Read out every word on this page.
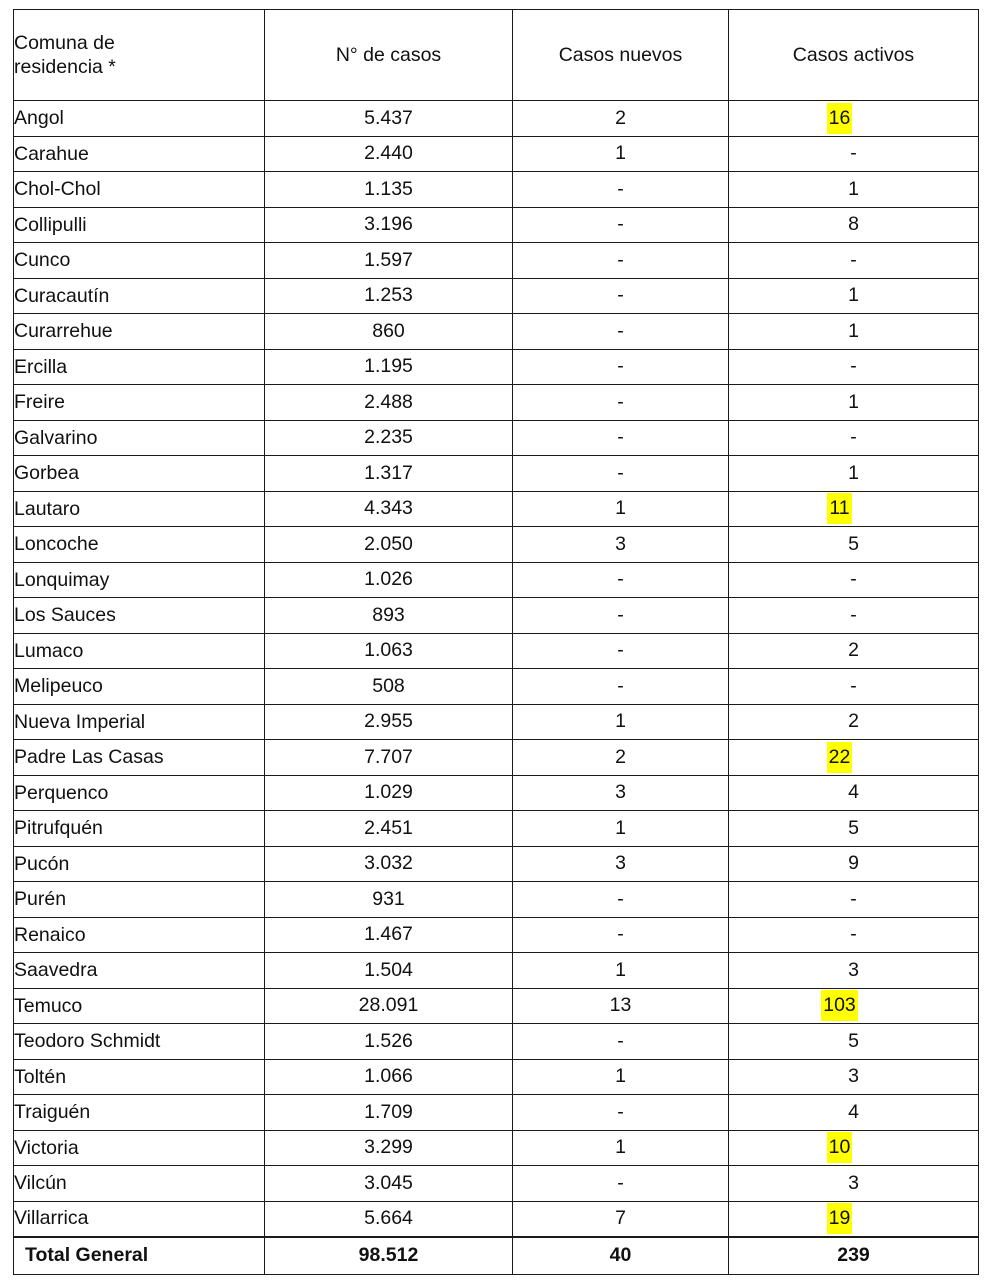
Comuna de
residencia *	N° de casos	Casos nuevos	Casos activos
Angol	5.437	2	16
Carahue	2.440	1	-
Chol-Chol	1.135	-	1
Collipulli	3.196	-	8
Cunco	1.597	-	-
Curacautín	1.253	-	1
Curarrehue	860	-	1
Ercilla	1.195	-	-
Freire	2.488	-	1
Galvarino	2.235	-	-
Gorbea	1.317	-	1
Lautaro	4.343	1	11
Loncoche	2.050	3	5
Lonquimay	1.026	-	-
Los Sauces	893	-	-
Lumaco	1.063	-	2
Melipeuco	508	-	-
Nueva Imperial	2.955	1	2
Padre Las Casas	7.707	2	22
Perquenco	1.029	3	4
Pitrufquén	2.451	1	5
Pucón	3.032	3	9
Purén	931	-	-
Renaico	1.467	-	-
Saavedra	1.504	1	3
Temuco	28.091	13	103
Teodoro Schmidt	1.526	-	5
Toltén	1.066	1	3
Traiguén	1.709	-	4
Victoria	3.299	1	10
Vilcún	3.045	-	3
Villarrica	5.664	7	19
Total General	98.512	40	239
